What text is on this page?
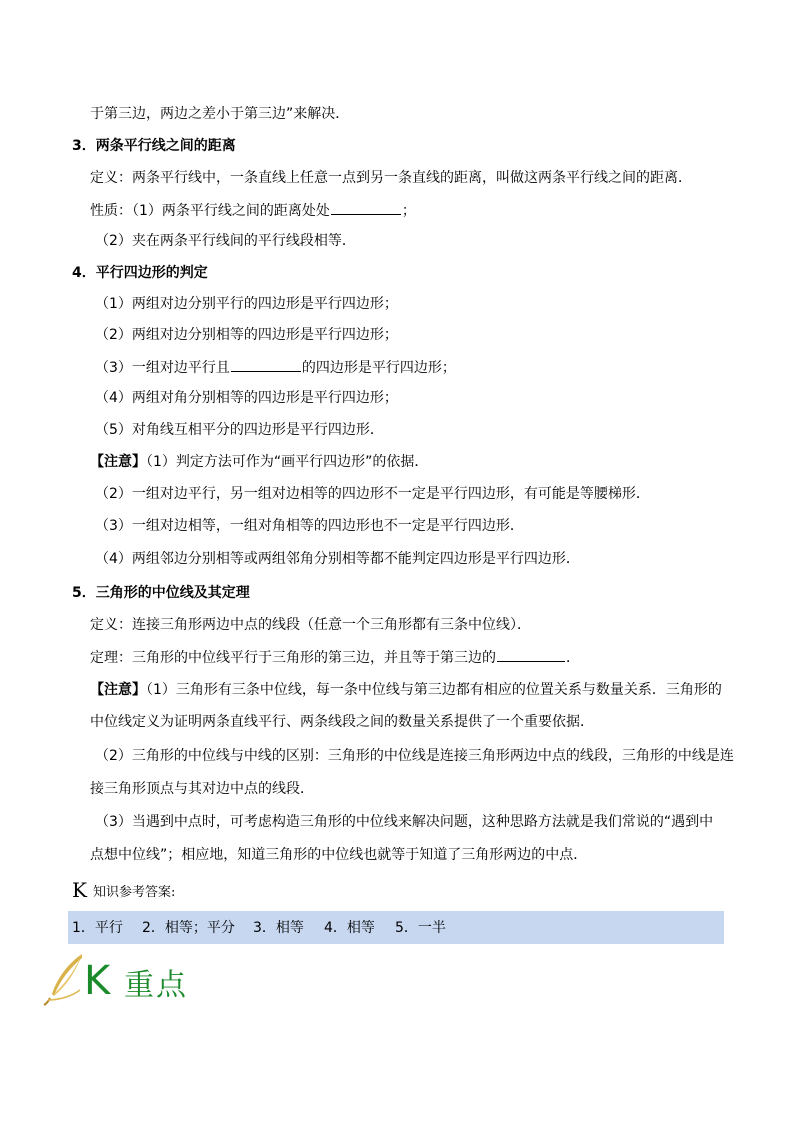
于第三边，两边之差小于第三边”来解决．
3．两条平行线之间的距离
定义：两条平行线中，一条直线上任意一点到另一条直线的距离，叫做这两条平行线之间的距离．
性质：（1）两条平行线之间的距离处处	；
（2）夹在两条平行线间的平行线段相等．
4．平行四边形的判定
（1）两组对边分别平行的四边形是平行四边形；
（2）两组对边分别相等的四边形是平行四边形；
（3）一组对边平行且	的四边形是平行四边形；
（4）两组对角分别相等的四边形是平行四边形；
（5）对角线互相平分的四边形是平行四边形．
【注意】（1）判定方法可作为“画平行四边形”的依据．
（2）一组对边平行，另一组对边相等的四边形不一定是平行四边形，有可能是等腰梯形．
（3）一组对边相等，一组对角相等的四边形也不一定是平行四边形．
（4）两组邻边分别相等或两组邻角分别相等都不能判定四边形是平行四边形．
5．三角形的中位线及其定理
定义：连接三角形两边中点的线段（任意一个三角形都有三条中位线）．
定理：三角形的中位线平行于三角形的第三边，并且等于第三边的	．
【注意】（1）三角形有三条中位线，每一条中位线与第三边都有相应的位置关系与数量关系．三角形的
中位线定义为证明两条直线平行、两条线段之间的数量关系提供了一个重要依据．
（2）三角形的中位线与中线的区别：三角形的中位线是连接三角形两边中点的线段，三角形的中线是连
接三角形顶点与其对边中点的线段．
（3）当遇到中点时，可考虑构造三角形的中位线来解决问题，这种思路方法就是我们常说的“遇到中
点想中位线”；相应地，知道三角形的中位线也就等于知道了三角形两边的中点．
K 知识参考答案:
1．平行 2．相等；平分 3．相等 4．相等 5．一半
K 重点
